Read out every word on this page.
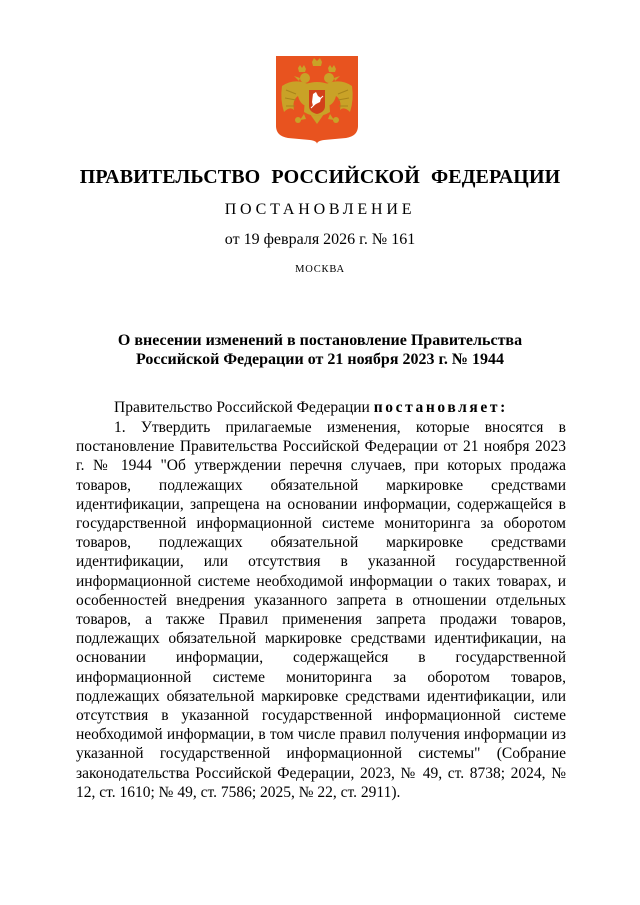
ПРАВИТЕЛЬСТВО РОССИЙСКОЙ ФЕДЕРАЦИИ
ПОСТАНОВЛЕНИЕ
от 19 февраля 2026 г. № 161
МОСКВА
О внесении изменений в постановление Правительства
Российской Федерации от 21 ноября 2023 г. № 1944
Правительство Российской Федерации постановляет:
1. Утвердить прилагаемые изменения, которые вносятся в постановление Правительства Российской Федерации от 21 ноября 2023 г. № 1944 "Об утверждении перечня случаев, при которых продажа товаров, подлежащих обязательной маркировке средствами идентификации, запрещена на основании информации, содержащейся в государственной информационной системе мониторинга за оборотом товаров, подлежащих обязательной маркировке средствами идентификации, или отсутствия в указанной государственной информационной системе необходимой информации о таких товарах, и особенностей внедрения указанного запрета в отношении отдельных товаров, а также Правил применения запрета продажи товаров, подлежащих обязательной маркировке средствами идентификации, на основании информации, содержащейся в государственной информационной системе мониторинга за оборотом товаров, подлежащих обязательной маркировке средствами идентификации, или отсутствия в указанной государственной информационной системе необходимой информации, в том числе правил получения информации из указанной государственной информационной системы" (Собрание законодательства Российской Федерации, 2023, № 49, ст. 8738; 2024, № 12, ст. 1610; № 49, ст. 7586; 2025, № 22, ст. 2911).
